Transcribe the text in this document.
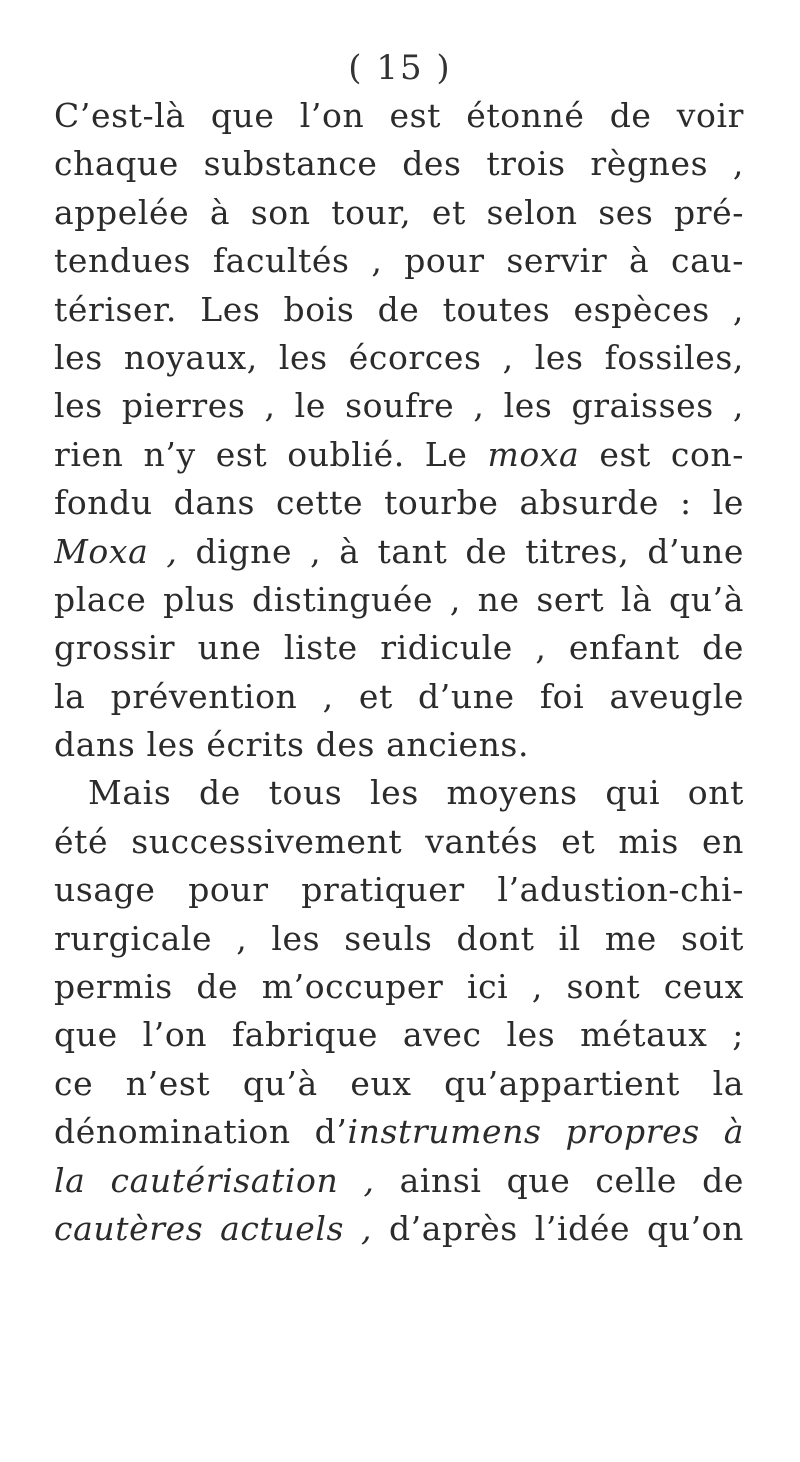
( 15 )
C’est-là que l’on est étonné de voir
chaque substance des trois règnes ,
appelée à son tour, et selon ses pré-
tendues facultés , pour servir à cau-
tériser. Les bois de toutes espèces ,
les noyaux, les écorces , les fossiles,
les pierres , le soufre , les graisses ,
rien n’y est oublié. Le moxa est con-
fondu dans cette tourbe absurde : le
Moxa , digne , à tant de titres, d’une
place plus distinguée , ne sert là qu’à
grossir une liste ridicule , enfant de
la prévention , et d’une foi aveugle
dans les écrits des anciens.
Mais de tous les moyens qui ont
été successivement vantés et mis en
usage pour pratiquer l’adustion-chi-
rurgicale , les seuls dont il me soit
permis de m’occuper ici , sont ceux
que l’on fabrique avec les métaux ;
ce n’est qu’à eux qu’appartient la
dénomination d’instrumens propres à
la cautérisation , ainsi que celle de
cautères actuels , d’après l’idée qu’on
